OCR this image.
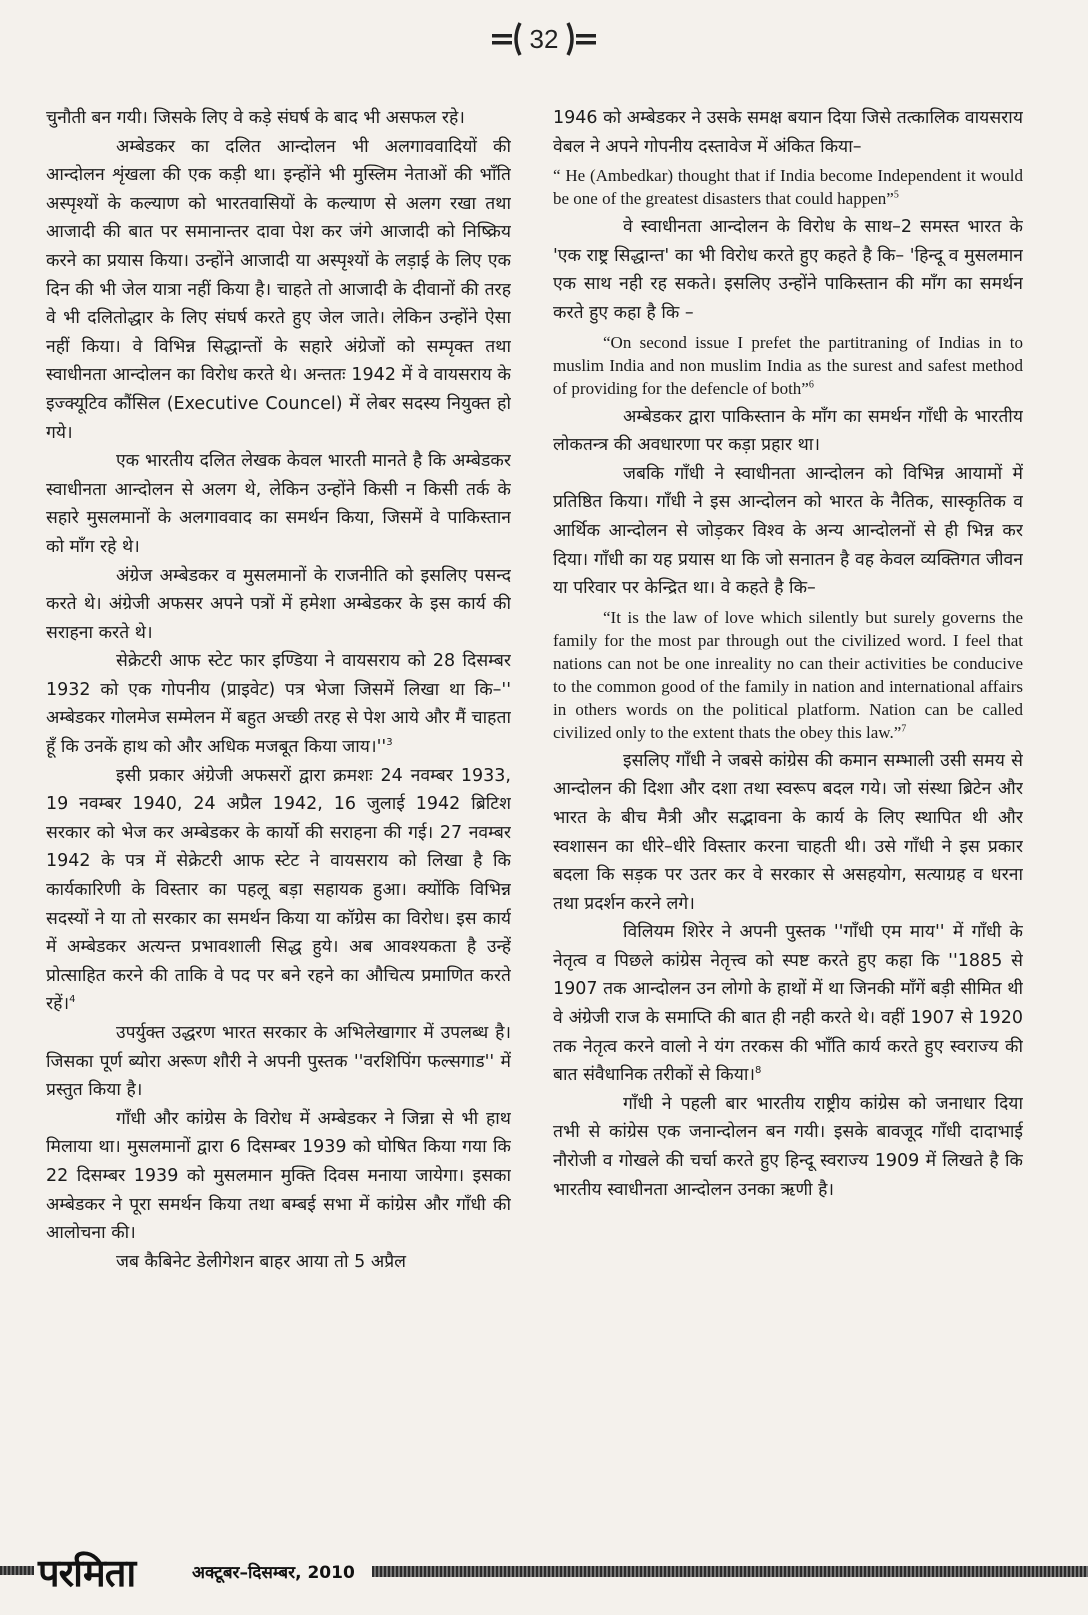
32

चुनौती बन गयी। जिसके लिए वे कड़े संघर्ष के बाद भी असफल रहे।

अम्बेडकर का दलित आन्दोलन भी अलगाववादियों की आन्दोलन शृंखला की एक कड़ी था। इन्होंने भी मुस्लिम नेताओं की भाँति अस्पृश्यों के कल्याण को भारतवासियों के कल्याण से अलग रखा तथा आजादी की बात पर समानान्तर दावा पेश कर जंगे आजादी को निष्क्रिय करने का प्रयास किया। उन्होंने आजादी या अस्पृश्यों के लड़ाई के लिए एक दिन की भी जेल यात्रा नहीं किया है। चाहते तो आजादी के दीवानों की तरह वे भी दलितोद्धार के लिए संघर्ष करते हुए जेल जाते। लेकिन उन्होंने ऐसा नहीं किया। वे विभिन्न सिद्धान्तों के सहारे अंग्रेजों को सम्पृक्त तथा स्वाधीनता आन्दोलन का विरोध करते थे। अन्ततः 1942 में वे वायसराय के इज्क्यूटिव कौंसिल (Executive Councel) में लेबर सदस्य नियुक्त हो गये।

एक भारतीय दलित लेखक केवल भारती मानते है कि अम्बेडकर स्वाधीनता आन्दोलन से अलग थे, लेकिन उन्होंने किसी न किसी तर्क के सहारे मुसलमानों के अलगाववाद का समर्थन किया, जिसमें वे पाकिस्तान को माँग रहे थे।

अंग्रेज अम्बेडकर व मुसलमानों के राजनीति को इसलिए पसन्द करते थे। अंग्रेजी अफसर अपने पत्रों में हमेशा अम्बेडकर के इस कार्य की सराहना करते थे।

सेक्रेटरी आफ स्टेट फार इण्डिया ने वायसराय को 28 दिसम्बर 1932 को एक गोपनीय (प्राइवेट) पत्र भेजा जिसमें लिखा था कि–'' अम्बेडकर गोलमेज सम्मेलन में बहुत अच्छी तरह से पेश आये और मैं चाहता हूँ कि उनकें हाथ को और अधिक मजबूत किया $जाय।''^3$

इसी प्रकार अंग्रेजी अफसरों द्वारा क्रमशः 24 नवम्बर 1933, 19 नवम्बर 1940, 24 अप्रैल 1942, 16 जुलाई 1942 ब्रिटिश सरकार को भेज कर अम्बेडकर के कार्यो की सराहना की गई। 27 नवम्बर 1942 के पत्र में सेक्रेटरी आफ स्टेट ने वायसराय को लिखा है कि कार्यकारिणी के विस्तार का पहलू बड़ा सहायक हुआ। क्योंकि विभिन्न सदस्यों ने या तो सरकार का समर्थन किया या कॉग्रेस का विरोध। इस कार्य में अम्बेडकर अत्यन्त प्रभावशाली सिद्ध हुये। अब आवश्यकता है उन्हें प्रोत्साहित करने की ताकि वे पद पर बने रहने का औचित्य प्रमाणित करते रहें।$^4$

उपर्युक्त उद्धरण भारत सरकार के अभिलेखागार में उपलब्ध है। जिसका पूर्ण ब्योरा अरूण शौरी ने अपनी पुस्तक ''वरशिपिंग फल्सगाड'' में प्रस्तुत किया है।

गाँधी और कांग्रेस के विरोध में अम्बेडकर ने जिन्ना से भी हाथ मिलाया था। मुसलमानों द्वारा 6 दिसम्बर 1939 को घोषित किया गया कि 22 दिसम्बर 1939 को मुसलमान मुक्ति दिवस मनाया जायेगा। इसका अम्बेडकर ने पूरा समर्थन किया तथा बम्बई सभा में कांग्रेस और गाँधी की आलोचना की।

जब कैबिनेट डेलीगेशन बाहर आया तो 5 अप्रैल

1946 को अम्बेडकर ने उसके समक्ष बयान दिया जिसे तत्कालिक वायसराय वेबल ने अपने गोपनीय दस्तावेज में अंकित किया–

“ He (Ambedkar) thought that if India become Independent it would be one of the greatest disasters that could happen”$^5$

वे स्वाधीनता आन्दोलन के विरोध के साथ–2 समस्त भारत के 'एक राष्ट्र सिद्धान्त' का भी विरोध करते हुए कहते है कि– 'हिन्दू व मुसलमान एक साथ नही रह सकते। इसलिए उन्होंने पाकिस्तान की माँग का समर्थन करते हुए कहा है कि –

“On second issue I prefet the partitraning of Indias in to muslim India and non muslim India as the surest and safest method of providing for the defencle of both”$^6$

अम्बेडकर द्वारा पाकिस्तान के माँग का समर्थन गाँधी के भारतीय लोकतन्त्र की अवधारणा पर कड़ा प्रहार था।

जबकि गाँधी ने स्वाधीनता आन्दोलन को विभिन्न आयामों में प्रतिष्ठित किया। गाँधी ने इस आन्दोलन को भारत के नैतिक, सास्कृतिक व आर्थिक आन्दोलन से जोड़कर विश्व के अन्य आन्दोलनों से ही भिन्न कर दिया। गाँधी का यह प्रयास था कि जो सनातन है वह केवल व्यक्तिगत जीवन या परिवार पर केन्द्रित था। वे कहते है कि–

“It is the law of love which silently but surely governs the family for the most par through out the civilized word. I feel that nations can not be one inreality no can their activities be conducive to the common good of the family in nation and international affairs in others words on the political platform. Nation can be called civilized only to the extent thats the obey this law.”$^7$

इसलिए गाँधी ने जबसे कांग्रेस की कमान सम्भाली उसी समय से आन्दोलन की दिशा और दशा तथा स्वरूप बदल गये। जो संस्था ब्रिटेन और भारत के बीच मैत्री और सद्भावना के कार्य के लिए स्थापित थी और स्वशासन का धीरे–धीरे विस्तार करना चाहती थी। उसे गाँधी ने इस प्रकार बदला कि सड़क पर उतर कर वे सरकार से असहयोग, सत्याग्रह व धरना तथा प्रदर्शन करने लगे।

विलियम शिरेर ने अपनी पुस्तक ''गाँधी एम माय'' में गाँधी के नेतृत्व व पिछले कांग्रेस नेतृत्त्व को स्पष्ट करते हुए कहा कि ''1885 से 1907 तक आन्दोलन उन लोगो के हाथों में था जिनकी माँगें बड़ी सीमित थी वे अंग्रेजी राज के समाप्ति की बात ही नही करते थे। वहीं 1907 से 1920 तक नेतृत्व करने वालो ने यंग तरकस की भाँति कार्य करते हुए स्वराज्य की बात संवैधानिक तरीकों से किया।$^8$

गाँधी ने पहली बार भारतीय राष्ट्रीय कांग्रेस को जनाधार दिया तभी से कांग्रेस एक जनान्दोलन बन गयी। इसके बावजूद गाँधी दादाभाई नौरोजी व गोखले की चर्चा करते हुए हिन्दू स्वराज्य 1909 में लिखते है कि भारतीय स्वाधीनता आन्दोलन उनका ऋणी है।

परमिता	अक्टूबर–दिसम्बर, 2010
